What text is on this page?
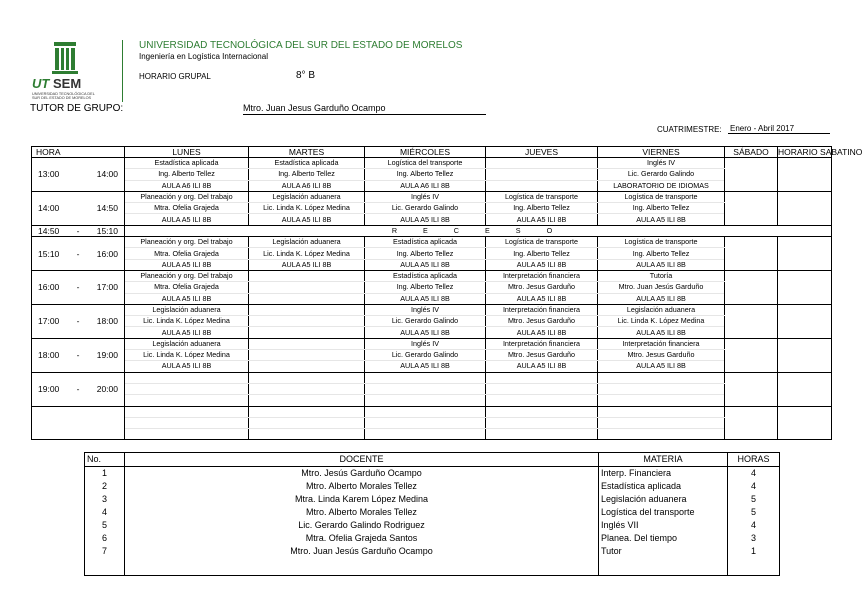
UT SEM
UNIVERSIDAD TECNOLÓGICA DEL
SUR DEL ESTADO DE MORELOS
UNIVERSIDAD TECNOLÓGICA DEL SUR DEL ESTADO DE MORELOS
Ingeniería en Logística Internacional
HORARIO GRUPAL	8° B
TUTOR DE GRUPO:	Mtro. Juan Jesus Garduño Ocampo
CUATRIMESTRE: Enero - Abril 2017
HORA	LUNES	MARTES	MIÉRCOLES	JUEVES	VIERNES	SÁBADO	HORARIO SABATINO

13:00 14:00	Estadística aplicada	Estadística aplicada	Logística del transporte		Inglés IV		
	Ing. Alberto Tellez	Ing. Alberto Tellez	Ing. Alberto Tellez		Lic. Gerardo Galindo		
	AULA A6 ILI 8B	AULA A6 ILI 8B	AULA A6 ILI 8B		LABORATORIO DE IDIOMAS		

14:00 14:50	Planeación y org. Del trabajo	Legislación aduanera	Inglés IV	Logística de transporte	Logística de transporte		
	Mtra. Ofelia Grajeda	Lic. Linda K. López Medina	Lic. Gerardo Galindo	Ing. Alberto Tellez	Ing. Alberto Tellez		
	AULA A5 ILI 8B	AULA A5 ILI 8B	AULA A5 ILI 8B	AULA A5 ILI 8B	AULA A5 ILI 8B		

14:50 - 15:10	R E C E S O						

15:10 - 16:00	Planeación y org. Del trabajo	Legislación aduanera	Estadística aplicada	Logística de transporte	Logística de transporte		
	Mtra. Ofelia Grajeda	Lic. Linda K. López Medina	Ing. Alberto Tellez	Ing. Alberto Tellez	Ing. Alberto Tellez		
	AULA A5 ILI 8B	AULA A5 ILI 8B	AULA A5 ILI 8B	AULA A5 ILI 8B	AULA A5 ILI 8B		

16:00 - 17:00	Planeación y org. Del trabajo		Estadística aplicada	Interpretación financiera	Tutoría		
	Mtra. Ofelia Grajeda		Ing. Alberto Tellez	Mtro. Jesus Garduño	Mtro. Juan Jesús Garduño		
	AULA A5 ILI 8B		AULA A5 ILI 8B	AULA A5 ILI 8B	AULA A5 ILI 8B		

17:00 - 18:00	Legislación aduanera		Inglés IV	Interpretación financiera	Legislación aduanera		
	Lic. Linda K. López Medina		Lic. Gerardo Galindo	Mtro. Jesus Garduño	Lic. Linda K. López Medina		
	AULA A5 ILI 8B		AULA A5 ILI 8B	AULA A5 ILI 8B	AULA A5 ILI 8B		

18:00 - 19:00	Legislación aduanera		Inglés IV	Interpretación financiera	Interpretación financiera		
	Lic. Linda K. López Medina		Lic. Gerardo Galindo	Mtro. Jesus Garduño	Mtro. Jesus Garduño		
	AULA A5 ILI 8B		AULA A5 ILI 8B	AULA A5 ILI 8B	AULA A5 ILI 8B		

19:00 - 20:00							

No.	DOCENTE	MATERIA	HORAS
1	Mtro. Jesús Garduño Ocampo	Interp. Financiera	4
2	Mtro. Alberto Morales Tellez	Estadística aplicada	4
3	Mtra. Linda Karem López Medina	Legislación aduanera	5
4	Mtro. Alberto Morales Tellez	Logística del transporte	5
5	Lic. Gerardo Galindo Rodriguez	Inglés VII	4
6	Mtra. Ofelia Grajeda Santos	Planea. Del tiempo	3
7	Mtro. Juan Jesús Garduño Ocampo	Tutor	1
